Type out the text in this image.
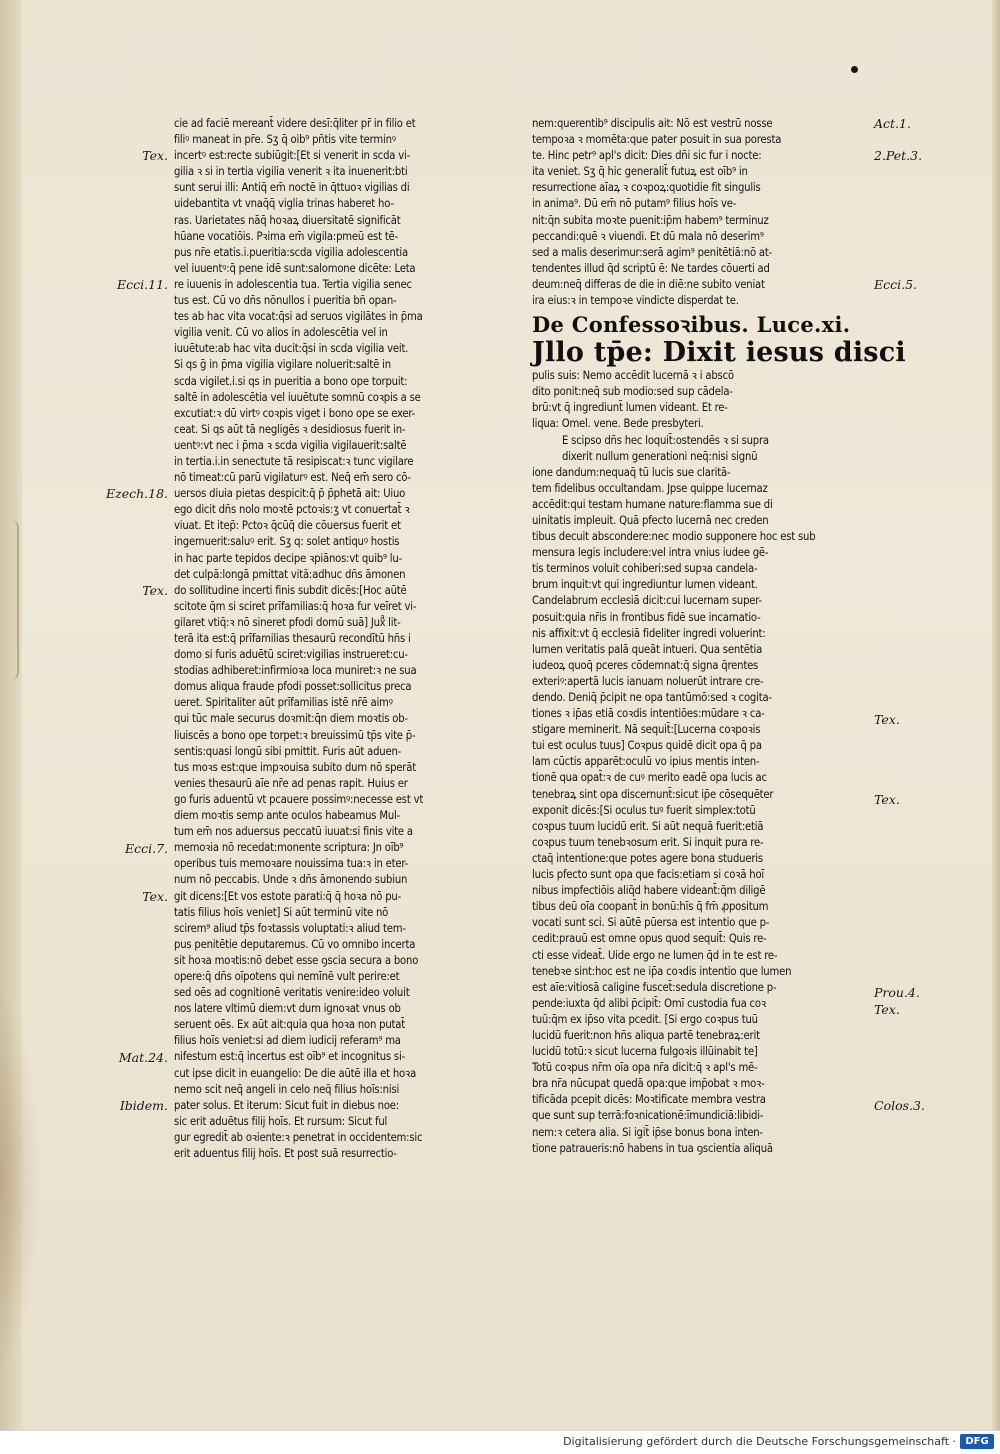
cie ad faciē mereant̄ videre desī:q̄liter pr̄ in filio et
filiꝰ maneat in pr̄e. Sʒ q̄ oib⁹ pn̄tis vite terminꝰ
incertꝰ est:recte subiūgit:[Et si venerit in scda vi-
gilia ꝛ si in tertia vigilia venerit ꝛ ita inuenerit:bti
sunt serui illi: Antiq̄ em̄ noctē in q̄ttuoꝛ vigilias di
uidebantita vt vnaq̄q̄ viglia trinas haberet ho-
ras. Uarietates nāq̄ hoꝛaꝝ diuersitatē significāt
hūane vocatiōis. Pꝛima em̄ vigila:pmeū est tē-
pus nr̄e etatis.i.pueritia:scda vigilia adolescentia
vel iuuentꝰ:q̄ pene idē sunt:salomone dicēte: Leta
re iuuenis in adolescentia tua. Tertia vigilia senec
tus est. Cū vo dn̄s nōnullos i pueritia bn̄ opan-
tes ab hac vita vocat:q̄si ad seruos vigilātes in p̄ma
vigilia venit. Cū vo alios in adolescētia vel in
iuuētute:ab hac vita ducit:q̄si in scda vigilia veit.
Si qs ḡ in p̄ma vigilia vigilare noluerit:saltē in
scda vigilet.i.si qs in pueritia a bono ope torpuit:
saltē in adolescētia vel iuuētute somnū coꝛpis a se
excutiat:ꝛ dū virtꝰ coꝛpis viget i bono ope se exer-
ceat. Si qs aūt tā negligēs ꝛ desidiosus fuerit in-
uentꝰ:vt nec i p̄ma ꝛ scda vigilia vigilauerit:saltē
in tertia.i.in senectute tā resipiscat:ꝛ tunc vigilare
nō timeat:cū parū vigilaturꝰ est. Neq̄ em̄ sero cō-
uersos diuia pietas despicit:q̄ p̄ p̄phetā ait: Uiuo
ego dicit dn̄s nolo moꝛtē pctoꝛis:ʒ vt conuertat̄ ꝛ
viuat. Et itep̄: Pctoꝛ q̄cūq̄ die cōuersus fuerit et
ingemuerit:saluꝰ erit. Sʒ q: solet antiquꝰ hostis
in hac parte tepidos decipe ꝛpiānos:vt quib⁹ lu-
det culpā:longā pmittat vitā:adhuc dn̄s āmonen
do sollitudine incerti finis subdit dicēs:[Hoc aūtē
scitote q̄m si sciret prīfamilias:q̄ hoꝛa fur veīret vi-
gilaret vtiq̄:ꝛ nō sineret pfodi domū suā] Juxͣ lit-
terā ita est:q̄ prīfamilias thesaurū recondītū hn̄s i
domo si furis aduētū sciret:vigilias instrueret:cu-
stodias adhiberet:infirmioꝛa loca muniret:ꝛ ne sua
domus aliqua fraude pfodi posset:sollicitus preca
ueret. Spiritaliter aūt prīfamilias istē nr̄ē aimꝰ
qui tūc male securus doꝛmit:q̄n diem moꝛtis ob-
liuiscēs a bono ope torpet:ꝛ breuissimū tp̄s vite p̄-
sentis:quasi longū sibi pmittit. Furis aūt aduen-
tus moꝛs est:que impꝛouisa subito dum nō sperāt
venies thesaurū aīe nr̄e ad penas rapit. Huius er
go furis aduentū vt pcauere possimꝰ:necesse est vt
diem moꝛtis semp ante oculos habeamus Mul-
tum em̄ nos aduersus peccatū iuuat:si finis vite a
memoꝛia nō recedat:monente scriptura: Jn oīb⁹
operibus tuis memoꝛare nouissima tua:ꝛ in eter-
num nō peccabis. Unde ꝛ dn̄s āmonendo subiun
git dicens:[Et vos estote parati:q̄ q̄ hoꝛa nō pu-
tatis filius hoīs veniet] Si aūt terminū vite nō
scirem⁹ aliud tp̄s foꝛtassis voluptati:ꝛ aliud tem-
pus penitētie deputaremus. Cū vo omnibo incerta
sit hoꝛa moꝛtis:nō debet esse ꝯscia secura a bono
opere:q̄ dn̄s oīpotens qui nemīnē vult perire:et
sed oēs ad cognitionē veritatis venire:ideo voluit
nos latere vltimū diem:vt dum ignoꝛat vnus ob
seruent oēs. Ex aūt ait:quia qua hoꝛa non putat̄
filius hoīs veniet:si ad diem iudicij referam⁹ ma
nifestum est:q̄ incertus est oīb⁹ et incognitus si-
cut ipse dicit in euangelio: De die aūtē illa et hoꝛa
nemo scit neq̄ angeli in celo neq̄ filius hoīs:nisi
pater solus. Et iterum: Sicut fuit in diebus noe:
sic erit aduētus filij hoīs. Et rursum: Sicut ful
gur egredit̄ ab oꝛiente:ꝛ penetrat in occidentem:sic
erit aduentus filij hoīs. Et post suā resurrectio-
nem:querentib⁹ discipulis ait: Nō est vestrū nosse
tempoꝛa ꝛ momēta:que pater posuit in sua poresta
te. Hinc petr⁹ apl's dicit: Dies dn̄i sic fur i nocte:
ita veniet. Sʒ q̄ hic generalit̄ futuꝝ est oīb⁹ in
resurrectione aīaꝝ ꝛ coꝛpoꝝ:quotidie fit singulis
in anima⁹. Dū em̄ nō putam⁹ filius hoīs ve-
nit:q̄n subita moꝛte puenit:ip̄m habem⁹ terminuz
peccandi:quē ꝛ viuendi. Et dū mala nō deserim⁹
sed a malis deserimur:serā agim⁹ penitētiā:nō at-
tendentes illud q̄d scriptū ē: Ne tardes cōuerti ad
deum:neq̄ differas de die in diē:ne subito veniat
ira eius:ꝛ in tempoꝛe vindicte disperdat te.
De Confessoꝛibus. Luce.xi.
Jllo tp̄e: Dixit iesus disci
pulis suis: Nemo accēdit lucernā ꝛ i abscō
dito ponit:neq̄ sub modio:sed sup cādela-
brū:vt q̄ ingrediunt̄ lumen videant. Et re-
liqua: Omel. vene. Bede presbyteri.
E scipso dn̄s hec loquit̄:ostendēs ꝛ si supra
dixerit nullum generationi neq̄:nisi signū
ione dandum:nequaq̄ tū lucis sue claritā-
tem fidelibus occultandam. Jpse quippe lucernaz
accēdit:qui testam humane nature:flamma sue di
uinitatis impleuit. Quā pfecto lucernā nec creden
tibus decuit abscondere:nec modio supponere hoc est sub
mensura legis includere:vel intra vnius iudee gē-
tis terminos voluit cohiberi:sed supꝛa candela-
brum inquit:vt qui ingrediuntur lumen videant.
Candelabrum ecclesiā dicit:cui lucernam super-
posuit:quia nr̄is in frontibus fidē sue incarnatio-
nis affixit:vt q̄ ecclesiā fideliter ingredi voluerint:
lumen veritatis palā queāt intueri. Qua sentētia
iudeoꝝ quoq̄ pceres cōdemnat:q̄ signa q̄rentes
exteriꝰ:apertā lucis ianuam noluerūt intrare cre-
dendo. Deniq̄ p̄cipit ne opa tantūmō:sed ꝛ cogita-
tiones ꝛ ip̄as etiā coꝛdis intentiōes:mūdare ꝛ ca-
stigare meminerit. Nā sequit̄:[Lucerna coꝛpoꝛis
tui est oculus tuus] Coꝛpus quidē dicit opa q̄ pa
lam cūctis apparēt:oculū vo ipius mentis inten-
tionē qua opat̄:ꝛ de cuꝰ merito eadē opa lucis ac
tenebraꝝ sint opa discernunt̄:sicut ip̄e cōsequēter
exponit dicēs:[Si oculus tuꝰ fuerit simplex:totū
coꝛpus tuum lucidū erit. Si aūt nequā fuerit:etiā
coꝛpus tuum tenebꝛosum erit. Si inquit pura re-
ctaq̄ intentione:que potes agere bona studueris
lucis pfecto sunt opa que facis:etiam si coꝛā hoī
nibus impfectiōis aliq̄d habere videant̄:q̄m diligē
tibus deū oīa coopant̄ in bonū:hīs q̄ fm̄ ꝓpositum
vocati sunt sci. Si aūtē pūersa est intentio que p-
cedit:prauū est omne opus quod sequit̄: Quis re-
cti esse videat̄. Uide ergo ne lumen q̄d in te est re-
tenebꝛe sint:hoc est ne ip̄a coꝛdis intentio que lumen
est aīe:vitiosā caligine fuscet̄:sedula discretione p-
pende:iuxta q̄d alibi p̄cipit̄: Omī custodia fua coꝛ
tuū:q̄m ex ip̄so vita pcedit. [Si ergo coꝛpus tuū
lucidū fuerit:non hn̄s aliqua partē tenebraꝝ:erit
lucidū totū:ꝛ sicut lucerna fulgoꝛis illūinabit te]
Totū coꝛpus nr̄m oīa opa nr̄a dicit:q̄ ꝛ apl's mē-
bra nr̄a nūcupat quedā opa:que imp̄obat ꝛ moꝛ-
tificāda pcepit dicēs: Moꝛtificate membra vestra
que sunt sup terrā:foꝛnicationē:īmundiciā:libidi-
nem:ꝛ cetera alia. Si igit̄ ip̄se bonus bona inten-
tione patraueris:nō habens in tua ꝯscientia aliquā
Tex.
Ecci.11.
Ezech.18.
Tex.
Ecci.7.
Tex.
Mat.24.
Ibidem.
Act.1.
2.Pet.3.
Ecci.5.
Tex.
Tex.
Prou.4.
Tex.
Colos.3.
Digitalisierung gefördert durch die Deutsche Forschungsgemeinschaft · DFG
